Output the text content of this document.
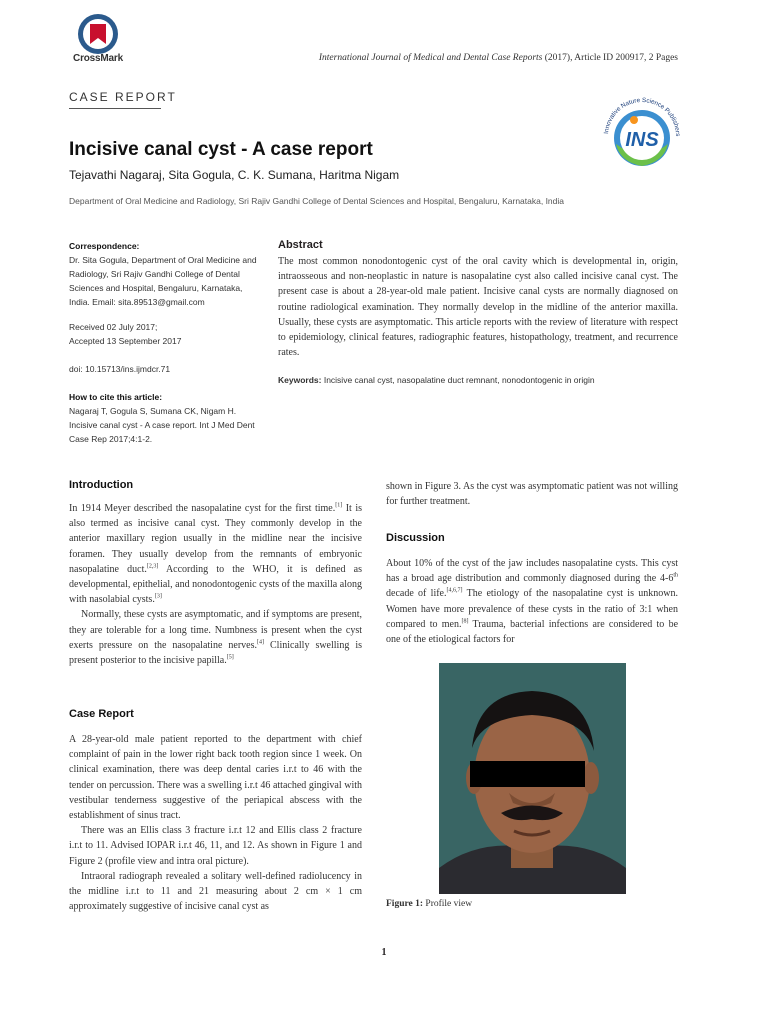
CrossMark	International Journal of Medical and Dental Case Reports (2017), Article ID 200917, 2 Pages
CASE REPORT
Innovative Nature Science Publishers
INS
Incisive canal cyst - A case report
Tejavathi Nagaraj, Sita Gogula, C. K. Sumana, Haritma Nigam
Department of Oral Medicine and Radiology, Sri Rajiv Gandhi College of Dental Sciences and Hospital, Bengaluru, Karnataka, India
Correspondence:
Dr. Sita Gogula, Department of Oral Medicine and Radiology, Sri Rajiv Gandhi College of Dental Sciences and Hospital, Bengaluru, Karnataka, India. Email: sita.89513@gmail.com
Received 02 July 2017;
Accepted 13 September 2017
doi: 10.15713/ins.ijmdcr.71
How to cite this article:
Nagaraj T, Gogula S, Sumana CK, Nigam H. Incisive canal cyst - A case report. Int J Med Dent Case Rep 2017;4:1-2.
Abstract
The most common nonodontogenic cyst of the oral cavity which is developmental in, origin, intraosseous and non-neoplastic in nature is nasopalatine cyst also called incisive canal cyst. The present case is about a 28-year-old male patient. Incisive canal cysts are normally diagnosed on routine radiological examination. They normally develop in the midline of the anterior maxilla. Usually, these cysts are asymptomatic. This article reports with the review of literature with respect to epidemiology, clinical features, radiographic features, histopathology, treatment, and recurrence rates.
Keywords: Incisive canal cyst, nasopalatine duct remnant, nonodontogenic in origin
Introduction

In 1914 Meyer described the nasopalatine cyst for the first time.[1] It is also termed as incisive canal cyst. They commonly develop in the anterior maxillary region usually in the midline near the incisive foramen. They usually develop from the remnants of embryonic nasopalatine duct.[2,3] According to the WHO, it is defined as developmental, epithelial, and nonodontogenic cysts of the maxilla along with nasolabial cysts.[3]

Normally, these cysts are asymptomatic, and if symptoms are present, they are tolerable for a long time. Numbness is present when the cyst exerts pressure on the nasopalatine nerves.[4] Clinically swelling is present posterior to the incisive papilla.[5]

Case Report

A 28-year-old male patient reported to the department with chief complaint of pain in the lower right back tooth region since 1 week. On clinical examination, there was deep dental caries i.r.t to 46 with the tender on percussion. There was a swelling i.r.t 46 attached gingival with vestibular tenderness suggestive of the periapical abscess with the establishment of sinus tract.

There was an Ellis class 3 fracture i.r.t 12 and Ellis class 2 fracture i.r.t to 11. Advised IOPAR i.r.t 46, 11, and 12. As shown in Figure 1 and Figure 2 (profile view and intra oral picture).

Intraoral radiograph revealed a solitary well-defined radiolucency in the midline i.r.t to 11 and 21 measuring about 2 cm × 1 cm approximately suggestive of incisive canal cyst as

shown in Figure 3. As the cyst was asymptomatic patient was not willing for further treatment.
Discussion

About 10% of the cyst of the jaw includes nasopalatine cysts. This cyst has a broad age distribution and commonly diagnosed during the 4-6th decade of life.[4,6,7] The etiology of the nasopalatine cyst is unknown. Women have more prevalence of these cysts in the ratio of 3:1 when compared to men.[8] Trauma, bacterial infections are considered to be one of the etiological factors for

Figure 1: Profile view
1
